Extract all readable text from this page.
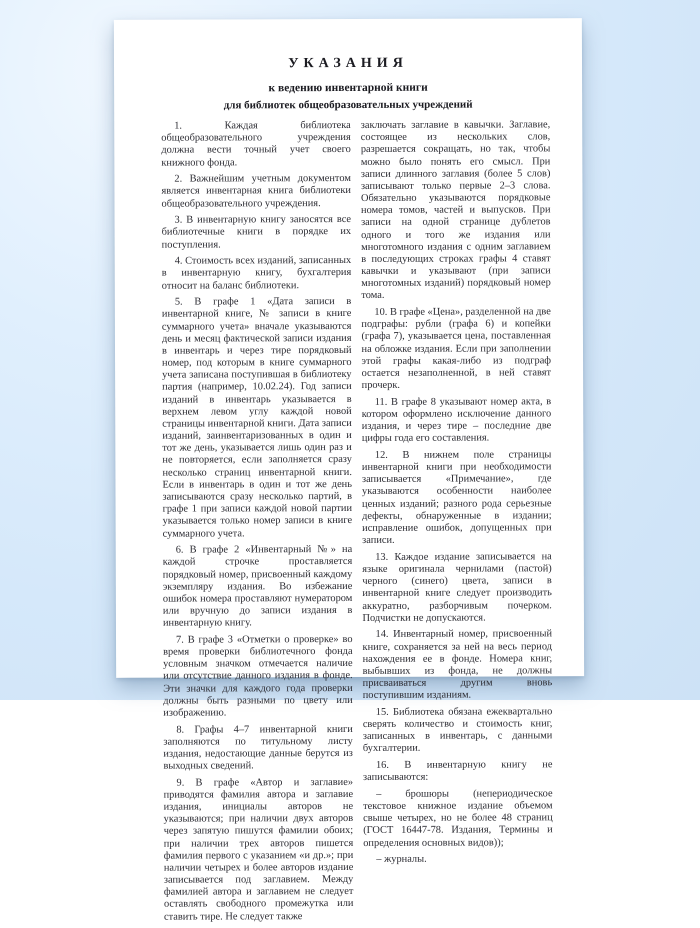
УКАЗАНИЯ
к ведению инвентарной книги
для библиотек общеобразовательных учреждений

1. Каждая библиотека общеобразовательного учреждения должна вести точный учет своего книжного фонда.

2. Важнейшим учетным документом является инвентарная книга библиотеки общеобразовательного учреждения.

3. В инвентарную книгу заносятся все библиотечные книги в порядке их поступления.

4. Стоимость всех изданий, записанных в инвентарную книгу, бухгалтерия относит на баланс библиотеки.

5. В графе 1 «Дата записи в инвентарной книге, № записи в книге суммарного учета» вначале указываются день и месяц фактической записи издания в инвентарь и через тире порядковый номер, под которым в книге суммарного учета записана поступившая в библиотеку партия (например, 10.02.24). Год записи изданий в инвентарь указывается в верхнем левом углу каждой новой страницы инвентарной книги. Дата записи изданий, заинвентаризованных в один и тот же день, указывается лишь один раз и не повторяется, если заполняется сразу несколько страниц инвентарной книги. Если в инвентарь в один и тот же день записываются сразу несколько партий, в графе 1 при записи каждой новой партии указывается только номер записи в книге суммарного учета.

6. В графе 2 «Инвентарный №» на каждой строчке проставляется порядковый номер, присвоенный каждому экземпляру издания. Во избежание ошибок номера проставляют нумератором или вручную до записи издания в инвентарную книгу.

7. В графе 3 «Отметки о проверке» во время проверки библиотечного фонда условным значком отмечается наличие или отсутствие данного издания в фонде. Эти значки для каждого года проверки должны быть разными по цвету или изображению.

8. Графы 4–7 инвентарной книги заполняются по титульному листу издания, недостающие данные берутся из выходных сведений.

9. В графе «Автор и заглавие» приводятся фамилия автора и заглавие издания, инициалы авторов не указываются; при наличии двух авторов через запятую пишутся фамилии обоих; при наличии трех авторов пишется фамилия первого с указанием «и др.»; при наличии четырех и более авторов издание записывается под заглавием. Между фамилией автора и заглавием не следует оставлять свободного промежутка или ставить тире. Не следует также

заключать заглавие в кавычки. Заглавие, состоящее из нескольких слов, разрешается сокращать, но так, чтобы можно было понять его смысл. При записи длинного заглавия (более 5 слов) записывают только первые 2–3 слова. Обязательно указываются порядковые номера томов, частей и выпусков. При записи на одной странице дублетов одного и того же издания или многотомного издания с одним заглавием в последующих строках графы 4 ставят кавычки и указывают (при записи многотомных изданий) порядковый номер тома.

10. В графе «Цена», разделенной на две подграфы: рубли (графа 6) и копейки (графа 7), указывается цена, поставленная на обложке издания. Если при заполнении этой графы какая-либо из подграф остается незаполненной, в ней ставят прочерк.

11. В графе 8 указывают номер акта, в котором оформлено исключение данного издания, и через тире – последние две цифры года его составления.

12. В нижнем поле страницы инвентарной книги при необходимости записывается «Примечание», где указываются особенности наиболее ценных изданий; разного рода серьезные дефекты, обнаруженные в издании; исправление ошибок, допущенных при записи.

13. Каждое издание записывается на языке оригинала чернилами (пастой) черного (синего) цвета, записи в инвентарной книге следует производить аккуратно, разборчивым почерком. Подчистки не допускаются.

14. Инвентарный номер, присвоенный книге, сохраняется за ней на весь период нахождения ее в фонде. Номера книг, выбывших из фонда, не должны присваиваться другим вновь поступившим изданиям.

15. Библиотека обязана ежеквартально сверять количество и стоимость книг, записанных в инвентарь, с данными бухгалтерии.

16. В инвентарную книгу не записываются:

– брошюры (непериодическое текстовое книжное издание объемом свыше четырех, но не более 48 страниц (ГОСТ 16447-78. Издания, Термины и определения основных видов));

– журналы.
